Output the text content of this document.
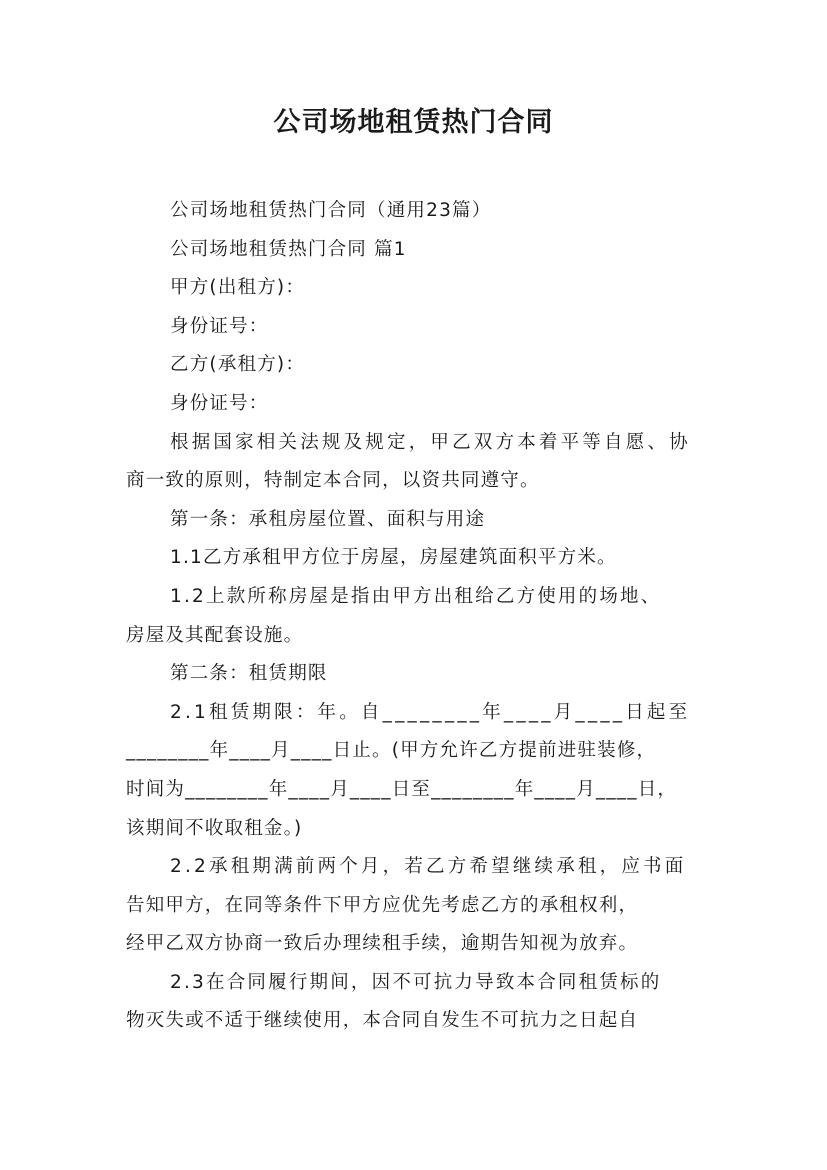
公司场地租赁热门合同
公司场地租赁热门合同（通用23篇）
公司场地租赁热门合同 篇1
甲方(出租方)：
身份证号：
乙方(承租方)：
身份证号：
根据国家相关法规及规定，甲乙双方本着平等自愿、协
商一致的原则，特制定本合同，以资共同遵守。
第一条：承租房屋位置、面积与用途
1.1乙方承租甲方位于房屋，房屋建筑面积平方米。
1.2上款所称房屋是指由甲方出租给乙方使用的场地、
房屋及其配套设施。
第二条：租赁期限
2.1租赁期限：年。自________年____月____日起至
________年____月____日止。(甲方允许乙方提前进驻装修，
时间为________年____月____日至________年____月____日，
该期间不收取租金。)
2.2承租期满前两个月，若乙方希望继续承租，应书面
告知甲方，在同等条件下甲方应优先考虑乙方的承租权利，
经甲乙双方协商一致后办理续租手续，逾期告知视为放弃。
2.3在合同履行期间，因不可抗力导致本合同租赁标的
物灭失或不适于继续使用，本合同自发生不可抗力之日起自
